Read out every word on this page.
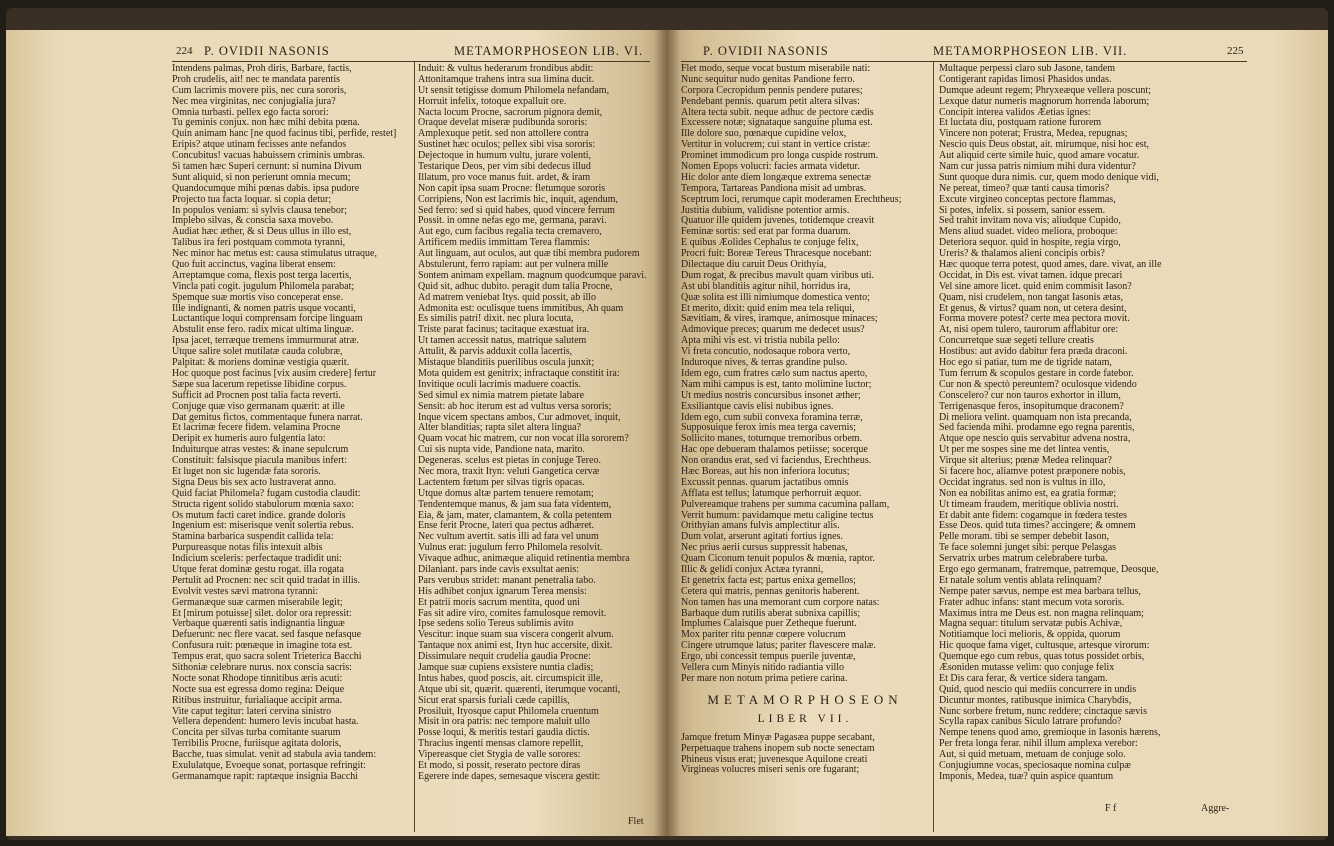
224 P. OVIDII NASONIS	METAMORPHOSEON LIB. VI.
Intendens palmas, Proh diris, Barbare, factis,
Proh crudelis, ait! nec te mandata parentis
Cum lacrimis movere piis, nec cura sororis,
Nec mea virginitas, nec conjugialia jura?
Omnia turbasti. pellex ego facta sorori:
Tu geminis conjux. non hæc mihi debita pœna.
Quin animam hanc [ne quod facinus tibi, perfide, restet]
Eripis? atque utinam fecisses ante nefandos
Concubitus! vacuas habuissem criminis umbras.
Si tamen hæc Superi cernunt: si numina Divum
Sunt aliquid, si non perierunt omnia mecum;
Quandocumque mihi pœnas dabis. ipsa pudore
Projecto tua facta loquar. si copia detur;
In populos veniam: si sylvis clausa tenebor;
Implebo silvas, & conscia saxa movebo.
Audiat hæc æther, & si Deus ullus in illo est,
Talibus ira feri postquam commota tyranni,
Nec minor hac metus est: causa stimulatus utraque,
Quo fuit accinctus, vagina liberat ensem:
Arreptamque coma, flexis post terga lacertis,
Vincla pati cogit. jugulum Philomela parabat;
Spemque suæ mortis viso conceperat ense.
Ille indignanti, & nomen patris usque vocanti,
Luctantique loqui comprensam forcipe linguam
Abstulit ense fero. radix micat ultima linguæ.
Ipsa jacet, terræque tremens immurmurat atræ.
Utque salire solet mutilatæ cauda colubræ,
Palpitat: & moriens dominæ vestigia quærit.
Hoc quoque post facinus [vix ausim credere] fertur
Sæpe sua lacerum repetisse libidine corpus.
Sufficit ad Procnen post talia facta reverti.
Conjuge quæ viso germanam quærit: at ille
Dat gemitus fictos, commentaque funera narrat.
Et lacrimæ fecere fidem. velamina Procne
Deripit ex humeris auro fulgentia lato:
Induiturque atras vestes: & inane sepulcrum
Constituit: falsisque piacula manibus infert:
Et luget non sic lugendæ fata sororis.
Signa Deus bis sex acto lustraverat anno.
Quid faciat Philomela? fugam custodia claudit:
Structa rigent solido stabulorum mœnia saxo:
Os mutum facti caret indice. grande doloris
Ingenium est: miserisque venit solertia rebus.
Stamina barbarica suspendit callida tela:
Purpureasque notas filis intexuit albis
Indicium sceleris: perfectaque tradidit uni:
Utque ferat dominæ gestu rogat. illa rogata
Pertulit ad Procnen: nec scit quid tradat in illis.
Evolvit vestes sævi matrona tyranni:
Germanæque suæ carmen miserabile legit;
Et [mirum potuisse] silet. dolor ora repressit:
Verbaque quærenti satis indignantia linguæ
Defuerunt: nec flere vacat. sed fasque nefasque
Confusura ruit: pœnæque in imagine tota est.
Tempus erat, quo sacra solent Trieterica Bacchi
Sithoniæ celebrare nurus. nox conscia sacris:
Nocte sonat Rhodope tinnitibus æris acuti:
Nocte sua est egressa domo regina: Deique
Ritibus instruitur, furialiaque accipit arma.
Vite caput tegitur: lateri cervina sinistro
Vellera dependent: humero levis incubat hasta.
Concita per silvas turba comitante suarum
Terribilis Procne, furiisque agitata doloris,
Bacche, tuas simulat. venit ad stabula avia tandem:
Exululatque, Evoeque sonat, portasque refringit:
Germanamque rapit: raptæque insignia Bacchi
Induit: & vultus hederarum frondibus abdit:
Attonitamque trahens intra sua limina ducit.
Ut sensit tetigisse domum Philomela nefandam,
Horruit infelix, totoque expalluit ore.
Nacta locum Procne, sacrorum pignora demit,
Oraque develat miseræ pudibunda sororis:
Amplexuque petit. sed non attollere contra
Sustinet hæc oculos; pellex sibi visa sororis:
Dejectoque in humum vultu, jurare volenti,
Testarique Deos, per vim sibi dedecus illud
Illatum, pro voce manus fuit. ardet, & iram
Non capit ipsa suam Procne: fletumque sororis
Corripiens, Non est lacrimis hic, inquit, agendum,
Sed ferro: sed si quid habes, quod vincere ferrum
Possit. in omne nefas ego me, germana, paravi.
Aut ego, cum facibus regalia tecta cremavero,
Artificem mediis immittam Terea flammis:
Aut linguam, aut oculos, aut quæ tibi membra pudorem
Abstulerunt, ferro rapiam: aut per vulnera mille
Sontem animam expellam. magnum quodcumque paravi.
Quid sit, adhuc dubito. peragit dum talia Procne,
Ad matrem veniebat Itys. quid possit, ab illo
Admonita est: oculisque tuens immitibus, Ah quam
Es similis patri! dixit. nec plura locuta,
Triste parat facinus; tacitaque exæstuat ira.
Ut tamen accessit natus, matrique salutem
Attulit, & parvis adduxit colla lacertis,
Mistaque blanditiis puerilibus oscula junxit;
Mota quidem est genitrix; infractaque constitit ira:
Invitique oculi lacrimis maduere coactis.
Sed simul ex nimia matrem pietate labare
Sensit: ab hoc iterum est ad vultus versa sororis;
Inque vicem spectans ambos, Cur admovet, inquit,
Alter blanditias; rapta silet altera lingua?
Quam vocat hic matrem, cur non vocat illa sororem?
Cui sis nupta vide, Pandione nata, marito.
Degeneras. scelus est pietas in conjuge Tereo.
Nec mora, traxit Ityn: veluti Gangetica cervæ
Lactentem fœtum per silvas tigris opacas.
Utque domus altæ partem tenuere remotam;
Tendentemque manus, & jam sua fata videntem,
Eia, & jam, mater, clamantem, & colla petentem
Ense ferit Procne, lateri qua pectus adhæret.
Nec vultum avertit. satis illi ad fata vel unum
Vulnus erat: jugulum ferro Philomela resolvit.
Vivaque adhuc, animæque aliquid retinentia membra
Dilaniant. pars inde cavis exsultat aenis:
Pars verubus stridet: manant penetralia tabo.
His adhibet conjux ignarum Terea mensis:
Et patrii moris sacrum mentita, quod uni
Fas sit adire viro, comites famulosque removit.
Ipse sedens solio Tereus sublimis avito
Vescitur: inque suam sua viscera congerit alvum.
Tantaque nox animi est, Ityn huc accersite, dixit.
Dissimulare nequit crudelia gaudia Procne:
Jamque suæ cupiens exsistere nuntia cladis;
Intus habes, quod poscis, ait. circumspicit ille,
Atque ubi sit, quærit. quærenti, iterumque vocanti,
Sicut erat sparsis furiali cæde capillis,
Prosiluit, Ityosque caput Philomela cruentum
Misit in ora patris: nec tempore maluit ullo
Posse loqui, & meritis testari gaudia dictis.
Thracius ingenti mensas clamore repellit,
Vipereasque ciet Stygia de valle sorores:
Et modo, si possit, reserato pectore diras
Egerere inde dapes, semesaque viscera gestit:
Flet
P. OVIDII NASONIS	METAMORPHOSEON LIB. VII.	225
Flet modo, seque vocat bustum miserabile nati:
Nunc sequitur nudo genitas Pandione ferro.
Corpora Cecropidum pennis pendere putares;
Pendebant pennis. quarum petit altera silvas:
Altera tecta subit. neque adhuc de pectore cædis
Excessere notæ; signataque sanguine pluma est.
Ille dolore suo, pœnæque cupidine velox,
Vertitur in volucrem; cui stant in vertice cristæ:
Prominet immodicum pro longa cuspide rostrum.
Nomen Epops volucri: facies armata videtur.
Hic dolor ante diem longæque extrema senectæ
Tempora, Tartareas Pandiona misit ad umbras.
Sceptrum loci, rerumque capit moderamen Erechtheus;
Justitia dubium, validisne potentior armis.
Quatuor ille quidem juvenes, totidemque creavit
Feminæ sortis: sed erat par forma duarum.
E quibus Æolides Cephalus te conjuge felix,
Procri fuit: Boreæ Tereus Thracesque nocebant:
Dilectaque diu caruit Deus Orithyia,
Dum rogat, & precibus mavult quam viribus uti.
Ast ubi blanditiis agitur nihil, horridus ira,
Quæ solita est illi nimiumque domestica vento;
Et merito, dixit: quid enim mea tela reliqui,
Sævitiam, & vires, iramque, animosque minaces;
Admovique preces; quarum me dedecet usus?
Apta mihi vis est. vi tristia nubila pello:
Vi freta concutio, nodosaque robora verto,
Induroque nives, & terras grandine pulso.
Idem ego, cum fratres cælo sum nactus aperto,
Nam mihi campus is est, tanto molimine luctor;
Ut medius nostris concursibus insonet æther;
Exsiliantque cavis elisi nubibus ignes.
Idem ego, cum subii convexa foramina terræ,
Supposuique ferox imis mea terga cavernis;
Sollicito manes, totumque tremoribus orbem.
Hac ope debueram thalamos petiisse; socerque
Non orandus erat, sed vi faciendus, Erechtheus.
Hæc Boreas, aut his non inferiora locutus;
Excussit pennas. quarum jactatibus omnis
Afflata est tellus; latumque perhorruit æquor.
Pulvereamque trahens per summa cacumina pallam,
Verrit humum: pavidamque metu caligine tectus
Orithyian amans fulvis amplectitur alis.
Dum volat, arserunt agitati fortius ignes.
Nec prius aerii cursus suppressit habenas,
Quam Ciconum tenuit populos & mœnia, raptor.
Illic & gelidi conjux Actæa tyranni,
Et genetrix facta est; partus enixa gemellos;
Cetera qui matris, pennas genitoris haberent.
Non tamen has una memorant cum corpore natas:
Barbaque dum rutilis aberat subnixa capillis;
Implumes Calaisque puer Zetheque fuerunt.
Mox pariter ritu pennæ cœpere volucrum
Cingere utrumque latus; pariter flavescere malæ.
Ergo, ubi concessit tempus puerile juventæ,
Vellera cum Minyis nitido radiantia villo
Per mare non notum prima petiere carina.
METAMORPHOSEON
LIBER VII.
Jamque fretum Minyæ Pagasæa puppe secabant,
Perpetuaque trahens inopem sub nocte senectam
Phineus visus erat; juvenesque Aquilone creati
Virgineas volucres miseri senis ore fugarant;
Multaque perpessi claro sub Jasone, tandem
Contigerant rapidas limosi Phasidos undas.
Dumque adeunt regem; Phryxeæque vellera poscunt;
Lexque datur numeris magnorum horrenda laborum;
Concipit interea validos Æetias ignes:
Et luctata diu, postquam ratione furorem
Vincere non poterat; Frustra, Medea, repugnas;
Nescio quis Deus obstat, ait. mirumque, nisi hoc est,
Aut aliquid certe simile huic, quod amare vocatur.
Nam cur jussa patris nimium mihi dura videntur?
Sunt quoque dura nimis. cur, quem modo denique vidi,
Ne pereat, timeo? quæ tanti causa timoris?
Excute virgineo conceptas pectore flammas,
Si potes, infelix. si possem, sanior essem.
Sed trahit invitam nova vis; aliudque Cupido,
Mens aliud suadet. video meliora, proboque:
Deteriora sequor. quid in hospite, regia virgo,
Ureris? & thalamos alieni concipis orbis?
Hæc quoque terra potest, quod ames, dare. vivat, an ille
Occidat, in Dis est. vivat tamen. idque precari
Vel sine amore licet. quid enim commisit Iason?
Quam, nisi crudelem, non tangat Iasonis ætas,
Et genus, & virtus? quam non, ut cetera desint,
Forma movere potest? certe mea pectora movit.
At, nisi opem tulero, taurorum afflabitur ore:
Concurretque suæ segeti tellure creatis
Hostibus: aut avido dabitur fera præda draconi.
Hoc ego si patiar, tum me de tigride natam,
Tum ferrum & scopulos gestare in corde fatebor.
Cur non & spectò pereuntem? oculosque videndo
Conscelero? cur non tauros exhortor in illum,
Terrigenasque feros, insopitumque draconem?
Di meliora velint. quamquam non ista precanda,
Sed facienda mihi. prodamne ego regna parentis,
Atque ope nescio quis servabitur advena nostra,
Ut per me sospes sine me det lintea ventis,
Virque sit alterius; pœnæ Medea relinquar?
Si facere hoc, aliamve potest præponere nobis,
Occidat ingratus. sed non is vultus in illo,
Non ea nobilitas animo est, ea gratia formæ;
Ut timeam fraudem, meritique oblivia nostri.
Et dabit ante fidem: cogamque in fœdera testes
Esse Deos. quid tuta times? accingere; & omnem
Pelle moram. tibi se semper debebit Iason,
Te face solemni junget sibi: perque Pelasgas
Servatrix urbes matrum celebrabere turba.
Ergo ego germanam, fratremque, patremque, Deosque,
Et natale solum ventis ablata relinquam?
Nempe pater sævus, nempe est mea barbara tellus,
Frater adhuc infans: stant mecum vota sororis.
Maximus intra me Deus est. non magna relinquam;
Magna sequar: titulum servatæ pubis Achivæ,
Notitiamque loci melioris, & oppida, quorum
Hic quoque fama viget, cultusque, artesque virorum:
Quemque ego cum rebus, quas totus possidet orbis,
Æsoniden mutasse velim: quo conjuge felix
Et Dis cara ferar, & vertice sidera tangam.
Quid, quod nescio qui mediis concurrere in undis
Dicuntur montes, ratibusque inimica Charybdis,
Nunc sorbere fretum, nunc reddere; cinctaque sævis
Scylla rapax canibus Siculo latrare profundo?
Nempe tenens quod amo, gremioque in Iasonis hærens,
Per freta longa ferar. nihil illum amplexa verebor:
Aut, si quid metuam, metuam de conjuge solo.
Conjugiumne vocas, speciosaque nomina culpæ
Imponis, Medea, tuæ? quin aspice quantum
F f	Aggre-
